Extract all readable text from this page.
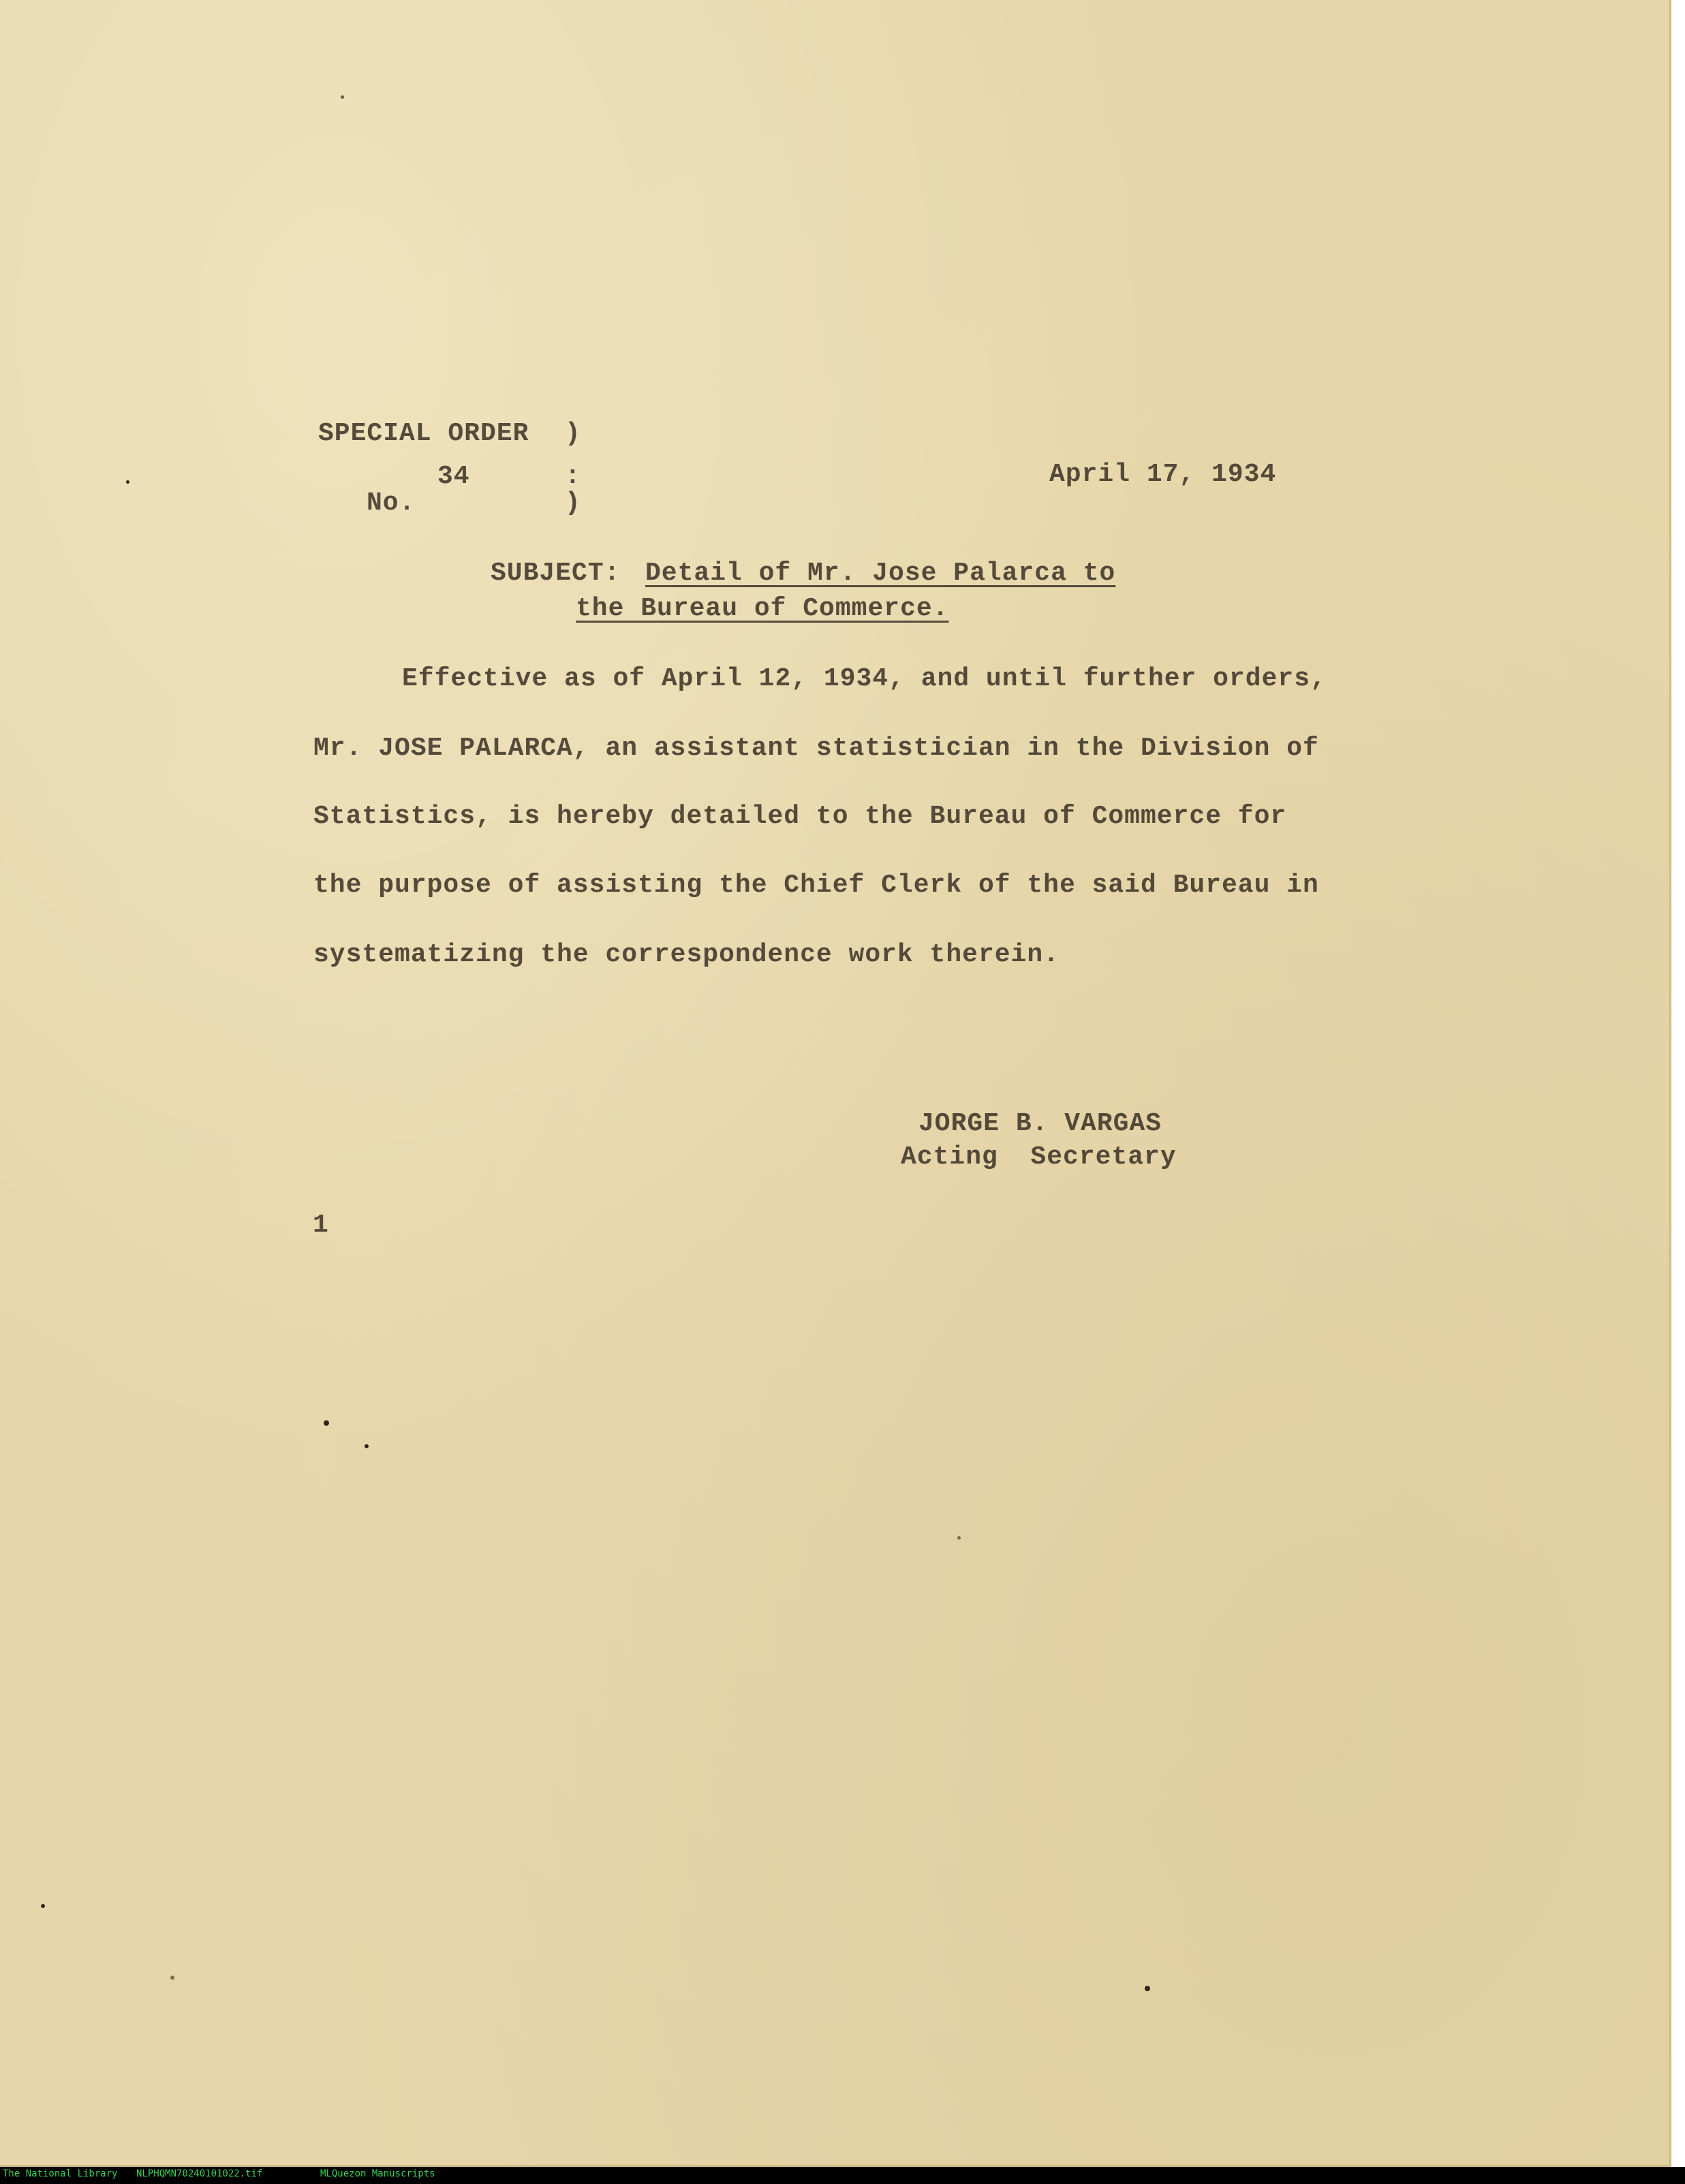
SPECIAL ORDER )
34	:
No.	)
April 17, 1934
SUBJECT: Detail of Mr. Jose Palarca to
the Bureau of Commerce.
Effective as of April 12, 1934, and until further orders,
Mr. JOSE PALARCA, an assistant statistician in the Division of
Statistics, is hereby detailed to the Bureau of Commerce for
the purpose of assisting the Chief Clerk of the said Bureau in
systematizing the correspondence work therein.
JORGE B. VARGAS
Acting  Secretary
1
The National Library NLPHQMN70240101022.tif	MLQuezon Manuscripts
